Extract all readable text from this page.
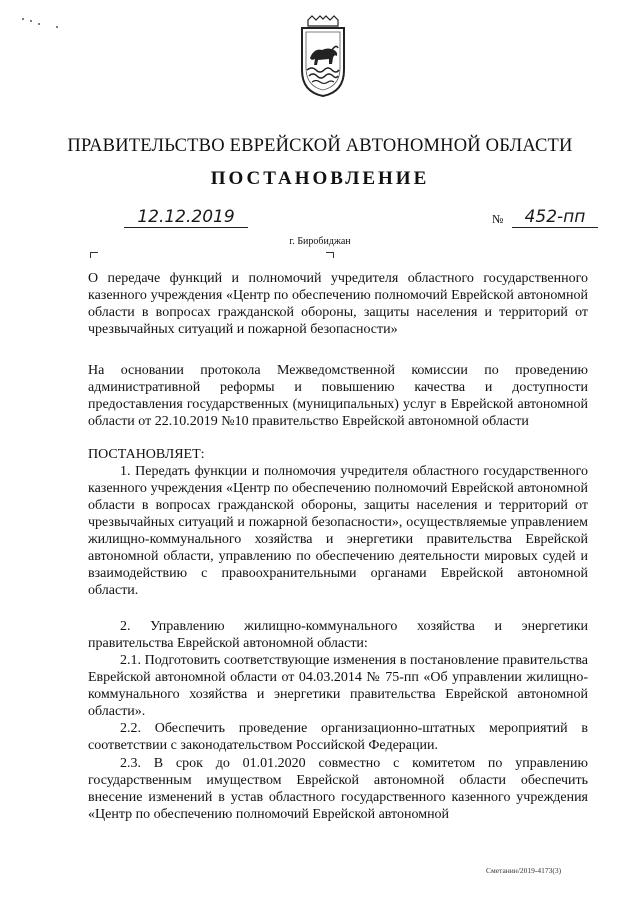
ПРАВИТЕЛЬСТВО ЕВРЕЙСКОЙ АВТОНОМНОЙ ОБЛАСТИ
ПОСТАНОВЛЕНИЕ
12.12.2019	№	452-пп
г. Биробиджан
О передаче функций и полномочий учредителя областного государственного казенного учреждения «Центр по обеспечению полномочий Еврейской автономной области в вопросах гражданской обороны, защиты населения и территорий от чрезвычайных ситуаций и пожарной безопасности»
На основании протокола Межведомственной комиссии по проведению административной реформы и повышению качества и доступности предоставления государственных (муниципальных) услуг в Еврейской автономной области от 22.10.2019 №10 правительство Еврейской автономной области
ПОСТАНОВЛЯЕТ:
1. Передать функции и полномочия учредителя областного государственного казенного учреждения «Центр по обеспечению полномочий Еврейской автономной области в вопросах гражданской обороны, защиты населения и территорий от чрезвычайных ситуаций и пожарной безопасности», осуществляемые управлением жилищно-коммунального хозяйства и энергетики правительства Еврейской автономной области, управлению по обеспечению деятельности мировых судей и взаимодействию с правоохранительными органами Еврейской автономной области.
2. Управлению жилищно-коммунального хозяйства и энергетики правительства Еврейской автономной области:
2.1. Подготовить соответствующие изменения в постановление правительства Еврейской автономной области от 04.03.2014 № 75-пп «Об управлении жилищно-коммунального хозяйства и энергетики правительства Еврейской автономной области».
2.2. Обеспечить проведение организационно-штатных мероприятий в соответствии с законодательством Российской Федерации.
2.3. В срок до 01.01.2020 совместно с комитетом по управлению государственным имуществом Еврейской автономной области обеспечить внесение изменений в устав областного государственного казенного учреждения «Центр по обеспечению полномочий Еврейской автономной
Сметанин/2019-4173(3)
